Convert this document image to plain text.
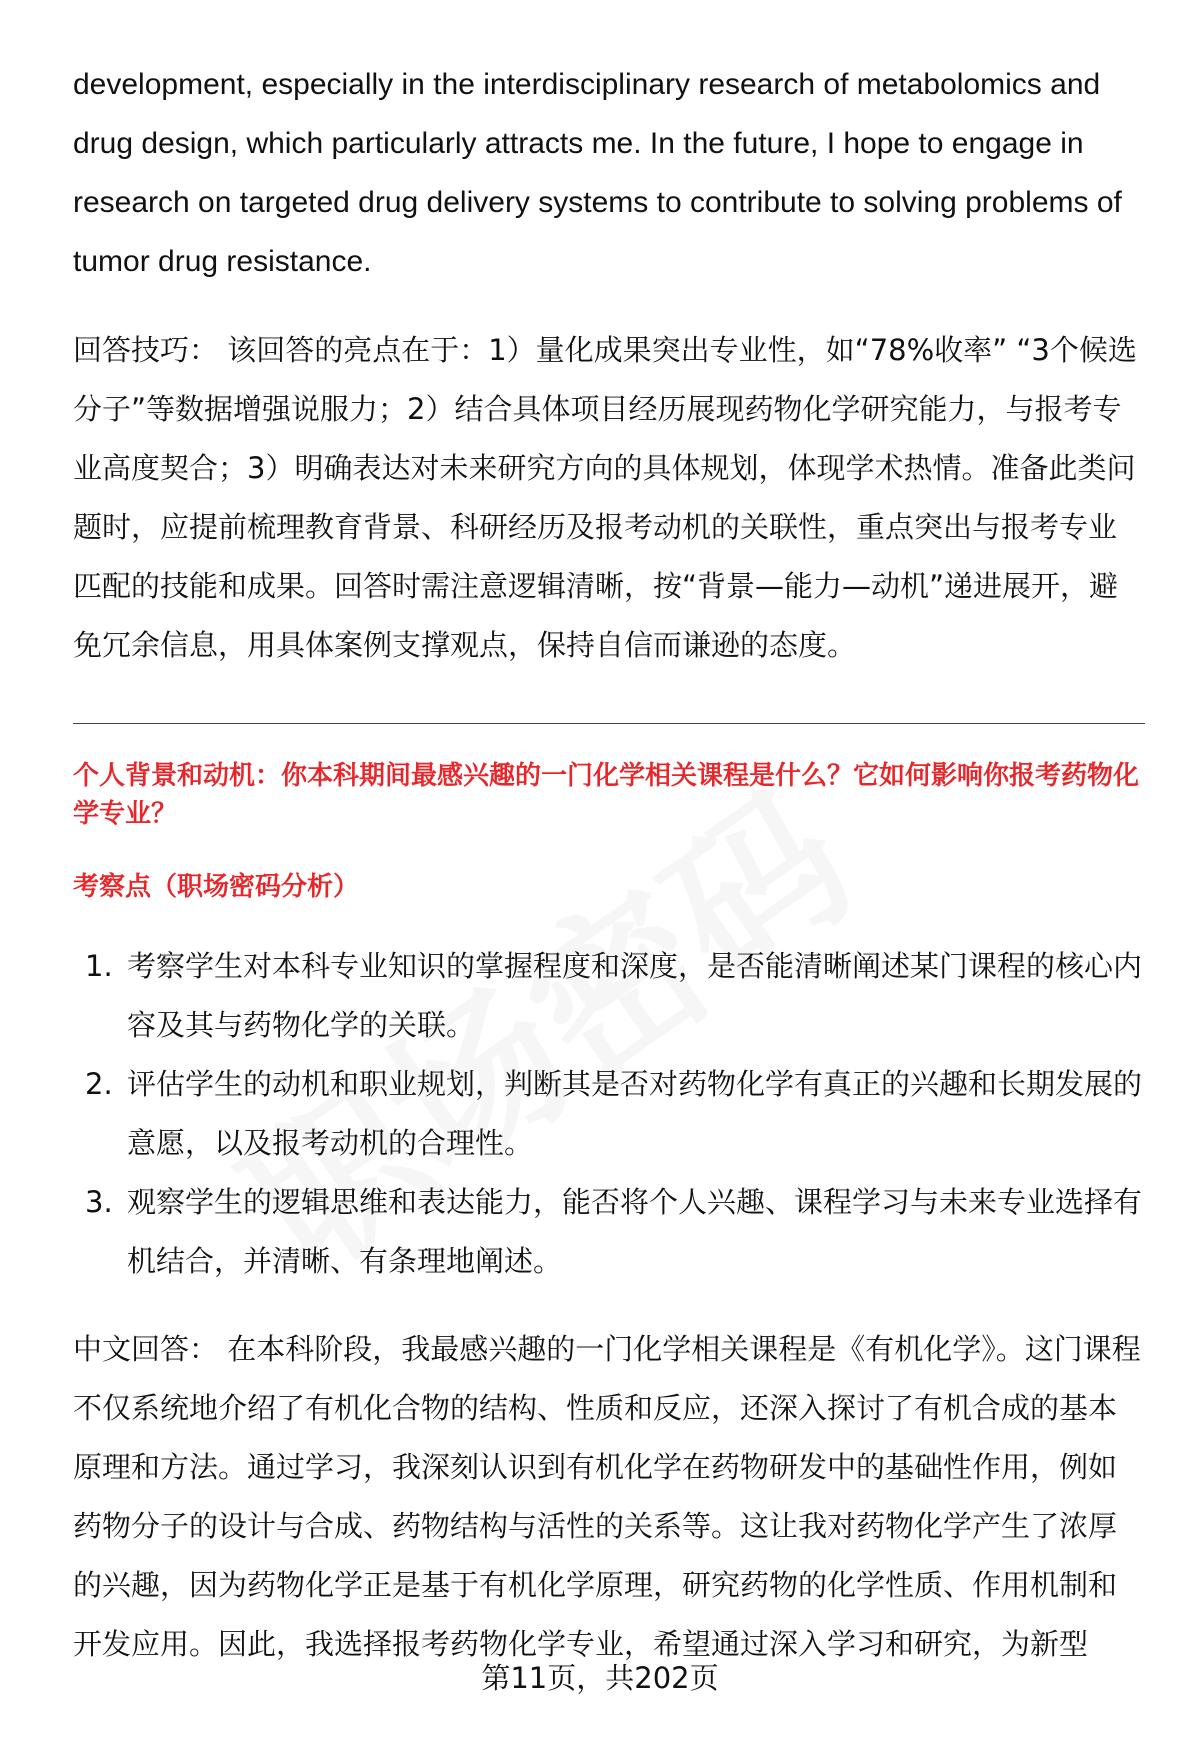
development, especially in the interdisciplinary research of metabolomics and drug design, which particularly attracts me. In the future, I hope to engage in research on targeted drug delivery systems to contribute to solving problems of tumor drug resistance.
回答技巧： 该回答的亮点在于：1）量化成果突出专业性，如“78%收率” “3个候选分子”等数据增强说服力；2）结合具体项目经历展现药物化学研究能力，与报考专业高度契合；3）明确表达对未来研究方向的具体规划，体现学术热情。准备此类问题时，应提前梳理教育背景、科研经历及报考动机的关联性，重点突出与报考专业匹配的技能和成果。回答时需注意逻辑清晰，按“背景—能力—动机”递进展开，避免冗余信息，用具体案例支撑观点，保持自信而谦逊的态度。
个人背景和动机：你本科期间最感兴趣的一门化学相关课程是什么？它如何影响你报考药物化学专业？
考察点（职场密码分析）
1. 考察学生对本科专业知识的掌握程度和深度，是否能清晰阐述某门课程的核心内容及其与药物化学的关联。
2. 评估学生的动机和职业规划，判断其是否对药物化学有真正的兴趣和长期发展的意愿，以及报考动机的合理性。
3. 观察学生的逻辑思维和表达能力，能否将个人兴趣、课程学习与未来专业选择有机结合，并清晰、有条理地阐述。
中文回答： 在本科阶段，我最感兴趣的一门化学相关课程是《有机化学》。这门课程不仅系统地介绍了有机化合物的结构、性质和反应，还深入探讨了有机合成的基本原理和方法。通过学习，我深刻认识到有机化学在药物研发中的基础性作用，例如药物分子的设计与合成、药物结构与活性的关系等。这让我对药物化学产生了浓厚的兴趣，因为药物化学正是基于有机化学原理，研究药物的化学性质、作用机制和开发应用。因此，我选择报考药物化学专业，希望通过深入学习和研究，为新型
第11页，共202页
